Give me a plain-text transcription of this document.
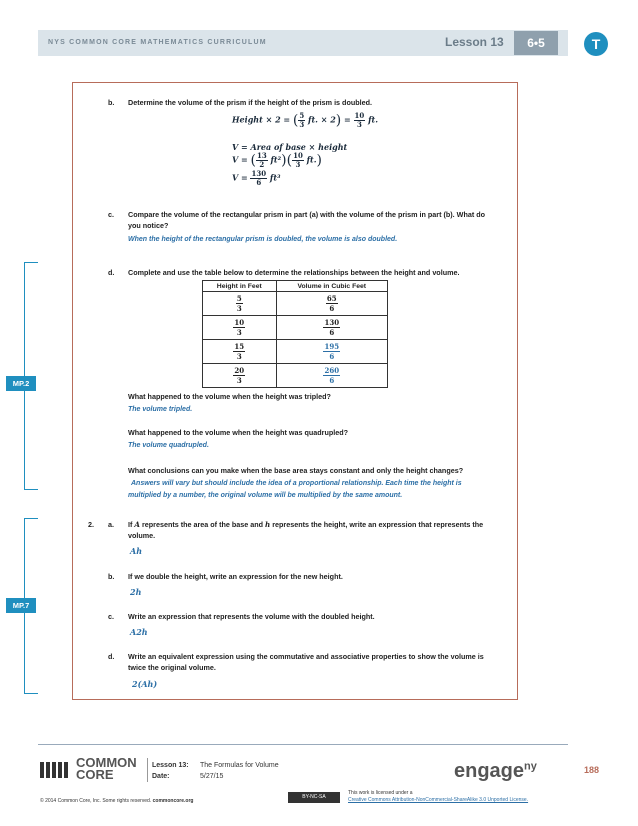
NYS COMMON CORE MATHEMATICS CURRICULUM	Lesson 13	6•5	T
b. Determine the volume of the prism if the height of the prism is doubled.
Height × 2 = ( $\frac{5}{3}$ ft. × $2) = \frac{10}{3}$ ft.
V = Area of base × height
V = ( $\frac{13}{2} ft^2)( \frac{10}{3} ft.)$
$V = \frac{130}{6} ft^3$
c. Compare the volume of the rectangular prism in part (a) with the volume of the prism in part (b). What do
you notice?
When the height of the rectangular prism is doubled, the volume is also doubled.
d. Complete and use the table below to determine the relationships between the height and volume.
Height in Feet	Volume in Cubic Feet

$\frac{5}{3}$	$\frac{65}{6}$

$\frac{10}{3}$	$\frac{130}{6}$

$\frac{15}{3}$	$\frac{195}{6}$

$\frac{20}{3}$	$\frac{260}{6}$
What happened to the volume when the height was tripled?
The volume tripled.
What happened to the volume when the height was quadrupled?
The volume quadrupled.
What conclusions can you make when the base area stays constant and only the height changes?
Answers will vary but should include the idea of a proportional relationship. Each time the height is
multiplied by a number, the original volume will be multiplied by the same amount.
2. a. If A represents the area of the base and h represents the height, write an expression that represents the
volume.
Ah
b. If we double the height, write an expression for the new height.
2h
c. Write an expression that represents the volume with the doubled height.
A2h
d. Write an equivalent expression using the commutative and associative properties to show the volume is
twice the original volume.
2(Ah)
MP.2
MP.7
COMMON
CORE
Lesson 13: The Formulas for Volume
Date:	5/27/15	engage$^{ny}$	188
© 2014 Common Core, Inc. Some rights reserved. commoncore.org
BY-NC-SA
This work is licensed under a
Creative Commons Attribution-NonCommercial-ShareAlike 3.0 Unported License.
